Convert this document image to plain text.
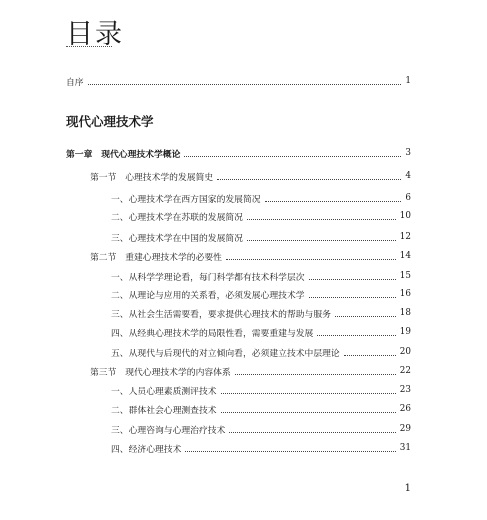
目录
自序	1
现代心理技术学
第一章　现代心理技术学概论	3
第一节　心理技术学的发展简史	4
一、心理技术学在西方国家的发展简况	6
二、心理技术学在苏联的发展简况	10
三、心理技术学在中国的发展简况	12
第二节　重建心理技术学的必要性	14
一、从科学学理论看，每门科学都有技术科学层次	15
二、从理论与应用的关系看，必须发展心理技术学	16
三、从社会生活需要看，要求提供心理技术的帮助与服务	18
四、从经典心理技术学的局限性看，需要重建与发展	19
五、从现代与后现代的对立倾向看，必须建立技术中层理论	20
第三节　现代心理技术学的内容体系	22
一、人员心理素质测评技术	23
二、群体社会心理测查技术	26
三、心理咨询与心理治疗技术	29
四、经济心理技术	31
1
